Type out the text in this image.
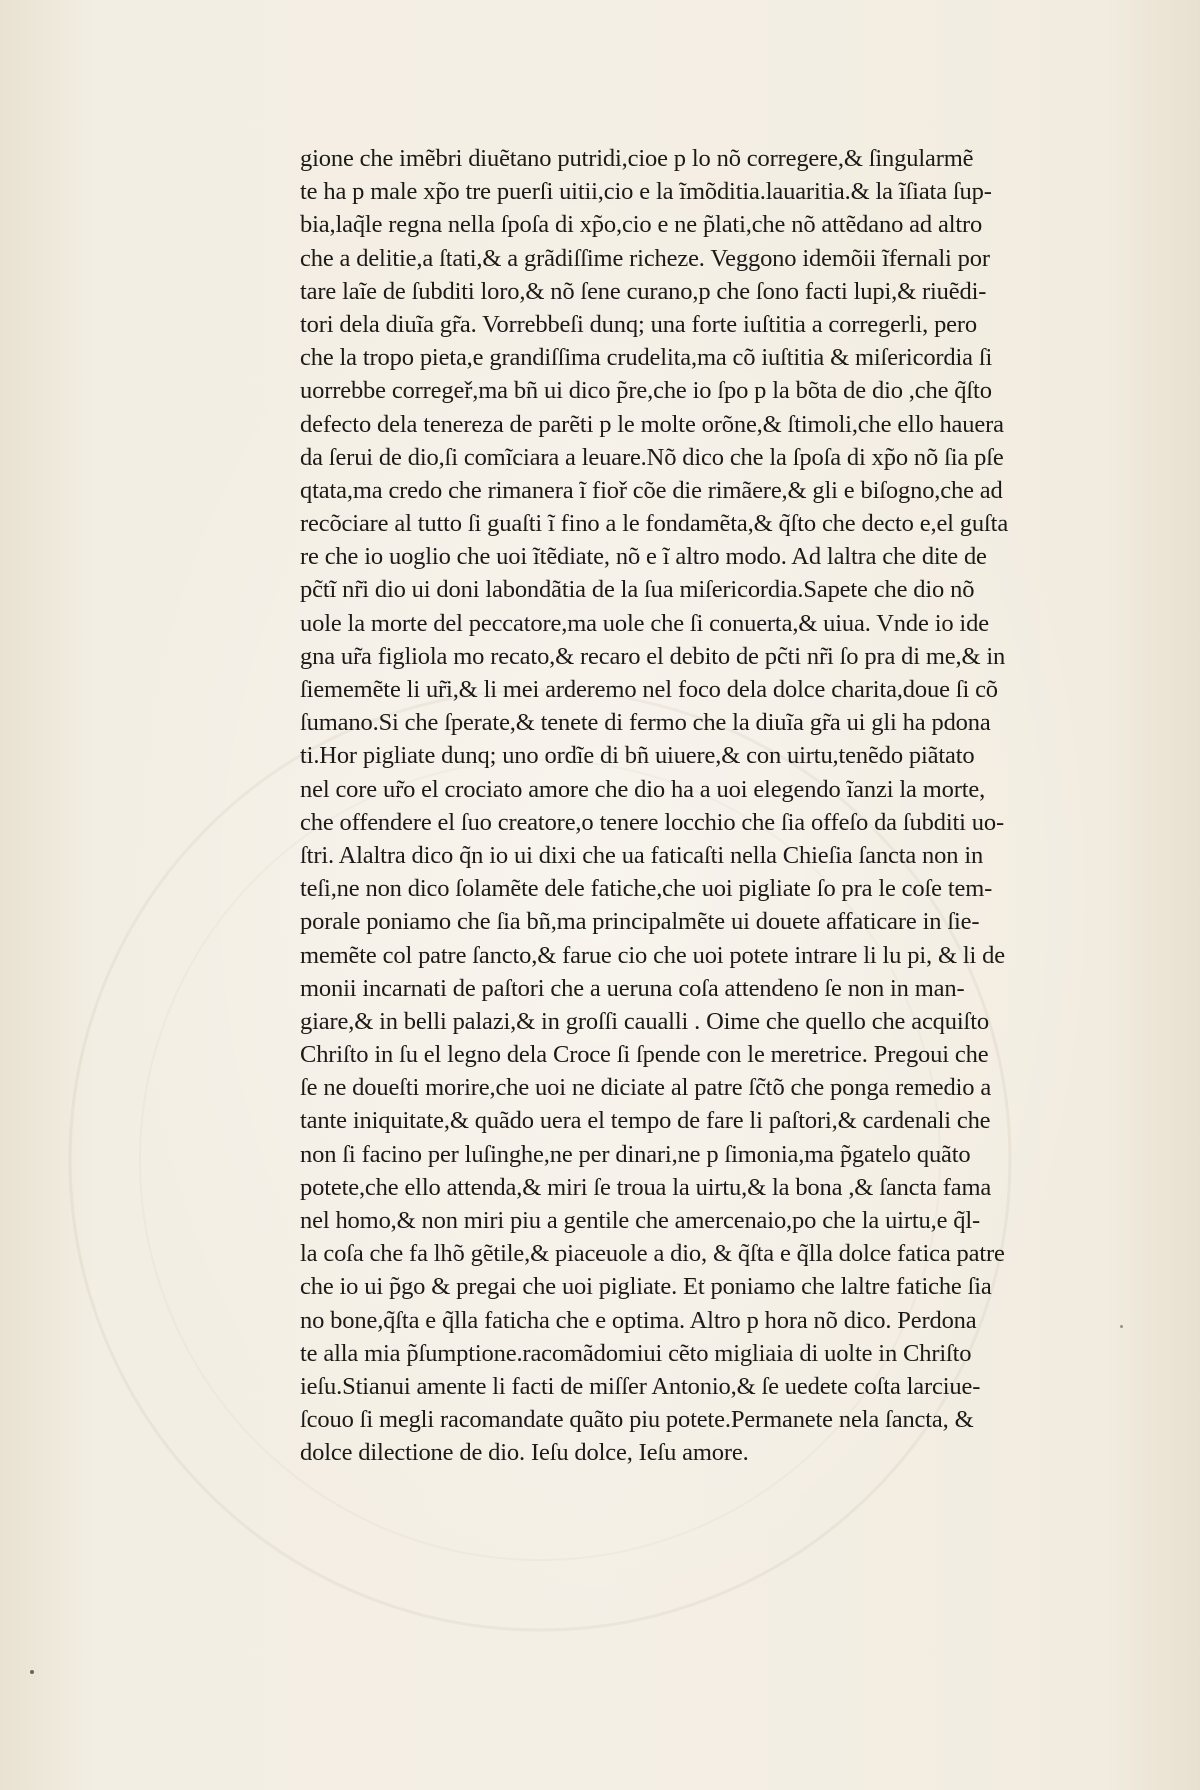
gione che imẽbri diuẽtano putridi,cioe p lo nõ corregere,& ſingularmẽ
te ha p male xp̃o tre puerſi uitii,cio e la ĩmõditia.lauaritia.& la ĩſiata ſup-
bia,laq̃le regna nella ſpoſa di xp̃o,cio e ne p̃lati,che nõ attẽdano ad altro
che a delitie,a ſtati,& a grãdiſſime richeze. Veggono idemõii ĩfernali por
tare laĩe de ſubditi loro,& nõ ſene curano,p che ſono facti lupi,& riuẽdi-
tori dela diuĩa gr̃a. Vorrebbeſi dunq; una forte iuſtitia a corregerli, pero
che la tropo pieta,e grandiſſima crudelita,ma cõ iuſtitia & miſericordia ſi
uorrebbe corregeř,ma bñ ui dico p̃re,che io ſpo p la bõta de dio ,che q̃ſto
defecto dela tenereza de parẽti p le molte orõne,& ſtimoli,che ello hauera
da ſerui de dio,ſi comĩciara a leuare.Nõ dico che la ſpoſa di xp̃o nõ ſia pſe
qtata,ma credo che rimanera ĩ fioř cõe die rimãere,& gli e biſogno,che ad
recõciare al tutto ſi guaſti ĩ fino a le fondamẽta,& q̃ſto che decto e,el guſta
re che io uoglio che uoi ĩtẽdiate, nõ e ĩ altro modo. Ad laltra che dite de
pc̃tĩ nr̃i dio ui doni labondãtia de la ſua miſericordia.Sapete che dio nõ
uole la morte del peccatore,ma uole che ſi conuerta,& uiua. Vnde io ide
gna ur̃a figliola mo recato,& recaro el debito de pc̃ti nr̃i ſo pra di me,& in
ſiememẽte li ur̃i,& li mei arderemo nel foco dela dolce charita,doue ſi cõ
ſumano.Si che ſperate,& tenete di fermo che la diuĩa gr̃a ui gli ha pdona
ti.Hor pigliate dunq; uno ordĩe di bñ uiuere,& con uirtu,tenẽdo piãtato
nel core ur̃o el crociato amore che dio ha a uoi elegendo ĩanzi la morte,
che offendere el ſuo creatore,o tenere locchio che ſia offeſo da ſubditi uo-
ſtri. Alaltra dico q̃n io ui dixi che ua faticaſti nella Chieſia ſancta non in
teſi,ne non dico ſolamẽte dele fatiche,che uoi pigliate ſo pra le coſe tem-
porale poniamo che ſia bñ,ma principalmẽte ui douete affaticare in ſie-
memẽte col patre ſancto,& farue cio che uoi potete intrare li lu pi, & li de
monii incarnati de paſtori che a ueruna coſa attendeno ſe non in man-
giare,& in belli palazi,& in groſſi caualli . Oime che quello che acquiſto
Chriſto in ſu el legno dela Croce ſi ſpende con le meretrice. Pregoui che
ſe ne doueſti morire,che uoi ne diciate al patre ſc̃tõ che ponga remedio a
tante iniquitate,& quãdo uera el tempo de fare li paſtori,& cardenali che
non ſi facino per luſinghe,ne per dinari,ne p ſimonia,ma p̃gatelo quãto
potete,che ello attenda,& miri ſe troua la uirtu,& la bona ,& ſancta fama
nel homo,& non miri piu a gentile che amercenaio,po che la uirtu,e q̃l-
la coſa che fa lhõ gẽtile,& piaceuole a dio, & q̃ſta e q̃lla dolce fatica patre
che io ui p̃go & pregai che uoi pigliate. Et poniamo che laltre fatiche ſia
no bone,q̃ſta e q̃lla faticha che e optima. Altro p hora nõ dico. Perdona
te alla mia p̃ſumptione.racomãdomiui cẽto migliaia di uolte in Chriſto
ieſu.Stianui amente li facti de miſſer Antonio,& ſe uedete coſta larciue-
ſcouo ſi megli racomandate quãto piu potete.Permanete nela ſancta, &
dolce dilectione de dio. Ieſu dolce, Ieſu amore.
